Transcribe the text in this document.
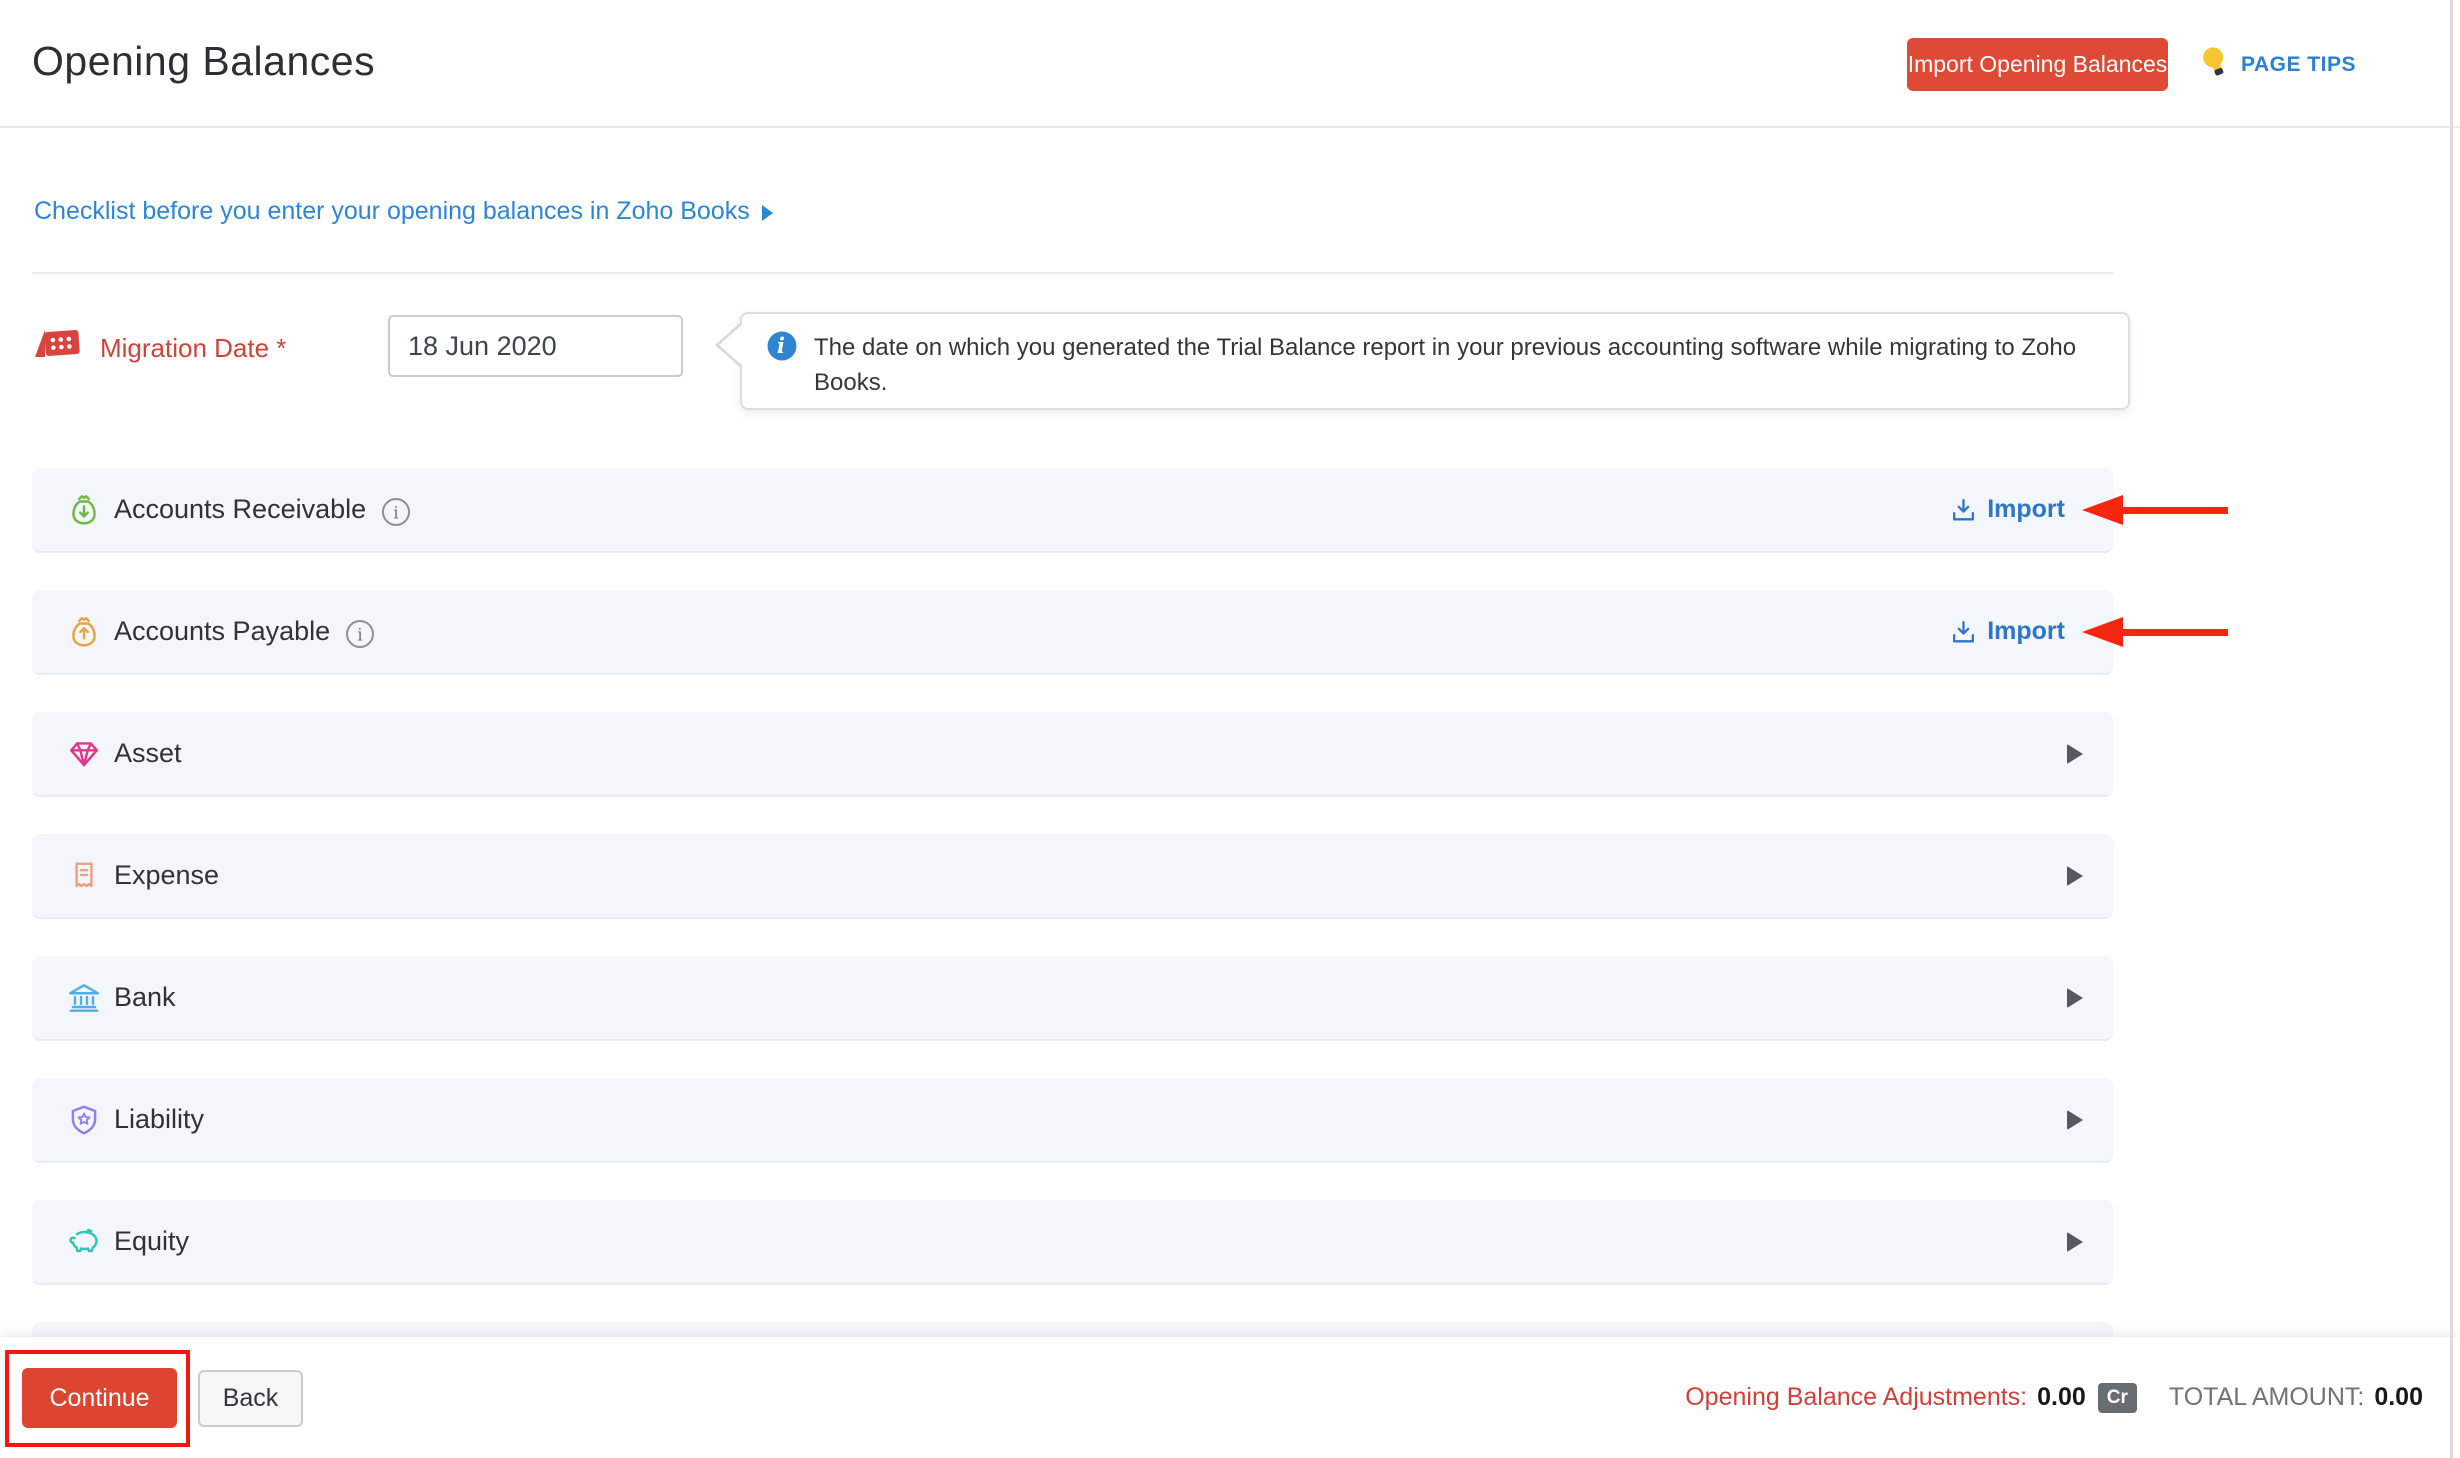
Opening Balances	Import Opening Balances	PAGE TIPS
Checklist before you enter your opening balances in Zoho Books
Migration Date *
18 Jun 2020	i The date on which you generated the Trial Balance report in your previous accounting software while migrating to Zoho Books.
Accounts Receivable i	Import
Accounts Payable i	Import
Asset
Expense
Bank
Liability
Equity
Continue	Back	Opening Balance Adjustments: 0.00	Cr	TOTAL AMOUNT: 0.00
